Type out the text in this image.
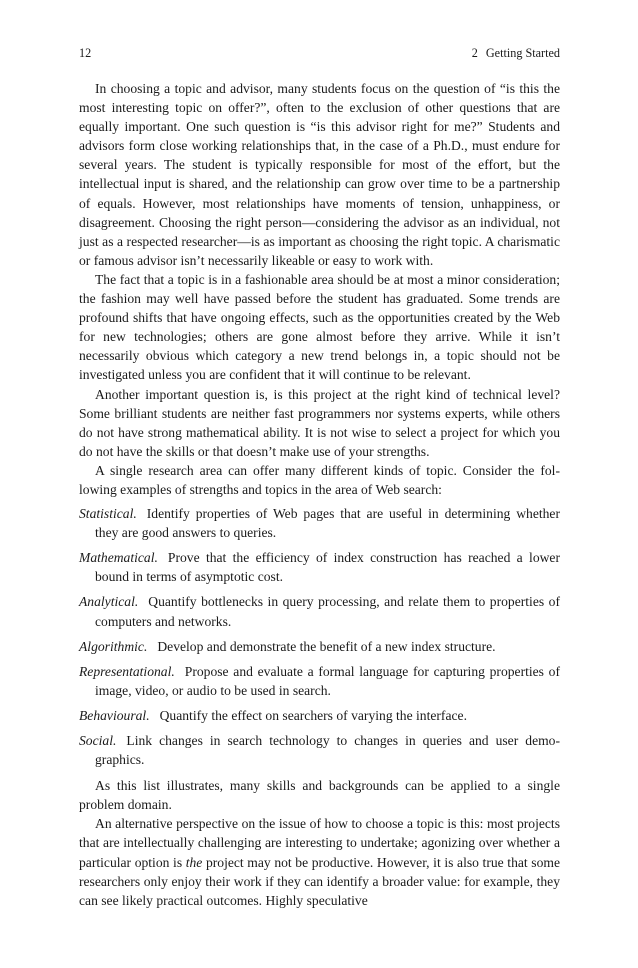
12	2 Getting Started

In choosing a topic and advisor, many students focus on the question of “is this the most interesting topic on offer?”, often to the exclusion of other questions that are equally important. One such question is “is this advisor right for me?” Students and advisors form close working relationships that, in the case of a Ph.D., must endure for several years. The student is typically responsible for most of the effort, but the intellectual input is shared, and the relationship can grow over time to be a partnership of equals. However, most relationships have moments of tension, unhappiness, or disagreement. Choosing the right person—considering the advisor as an individual, not just as a respected researcher—is as important as choosing the right topic. A charismatic or famous advisor isn’t necessarily likeable or easy to work with.

The fact that a topic is in a fashionable area should be at most a minor consideration; the fashion may well have passed before the student has graduated. Some trends are profound shifts that have ongoing effects, such as the opportunities created by the Web for new technologies; others are gone almost before they arrive. While it isn’t necessarily obvious which category a new trend belongs in, a topic should not be investigated unless you are confident that it will continue to be relevant.

Another important question is, is this project at the right kind of technical level? Some brilliant students are neither fast programmers nor systems experts, while others do not have strong mathematical ability. It is not wise to select a project for which you do not have the skills or that doesn’t make use of your strengths.

A single research area can offer many different kinds of topic. Consider the following examples of strengths and topics in the area of Web search:

Statistical. Identify properties of Web pages that are useful in determining whether they are good answers to queries.
Mathematical. Prove that the efficiency of index construction has reached a lower bound in terms of asymptotic cost.
Analytical. Quantify bottlenecks in query processing, and relate them to properties of computers and networks.
Algorithmic. Develop and demonstrate the benefit of a new index structure.
Representational. Propose and evaluate a formal language for capturing properties of image, video, or audio to be used in search.
Behavioural. Quantify the effect on searchers of varying the interface.
Social. Link changes in search technology to changes in queries and user demographics.

As this list illustrates, many skills and backgrounds can be applied to a single problem domain.

An alternative perspective on the issue of how to choose a topic is this: most projects that are intellectually challenging are interesting to undertake; agonizing over whether a particular option is the project may not be productive. However, it is also true that some researchers only enjoy their work if they can identify a broader value: for example, they can see likely practical outcomes. Highly speculative
